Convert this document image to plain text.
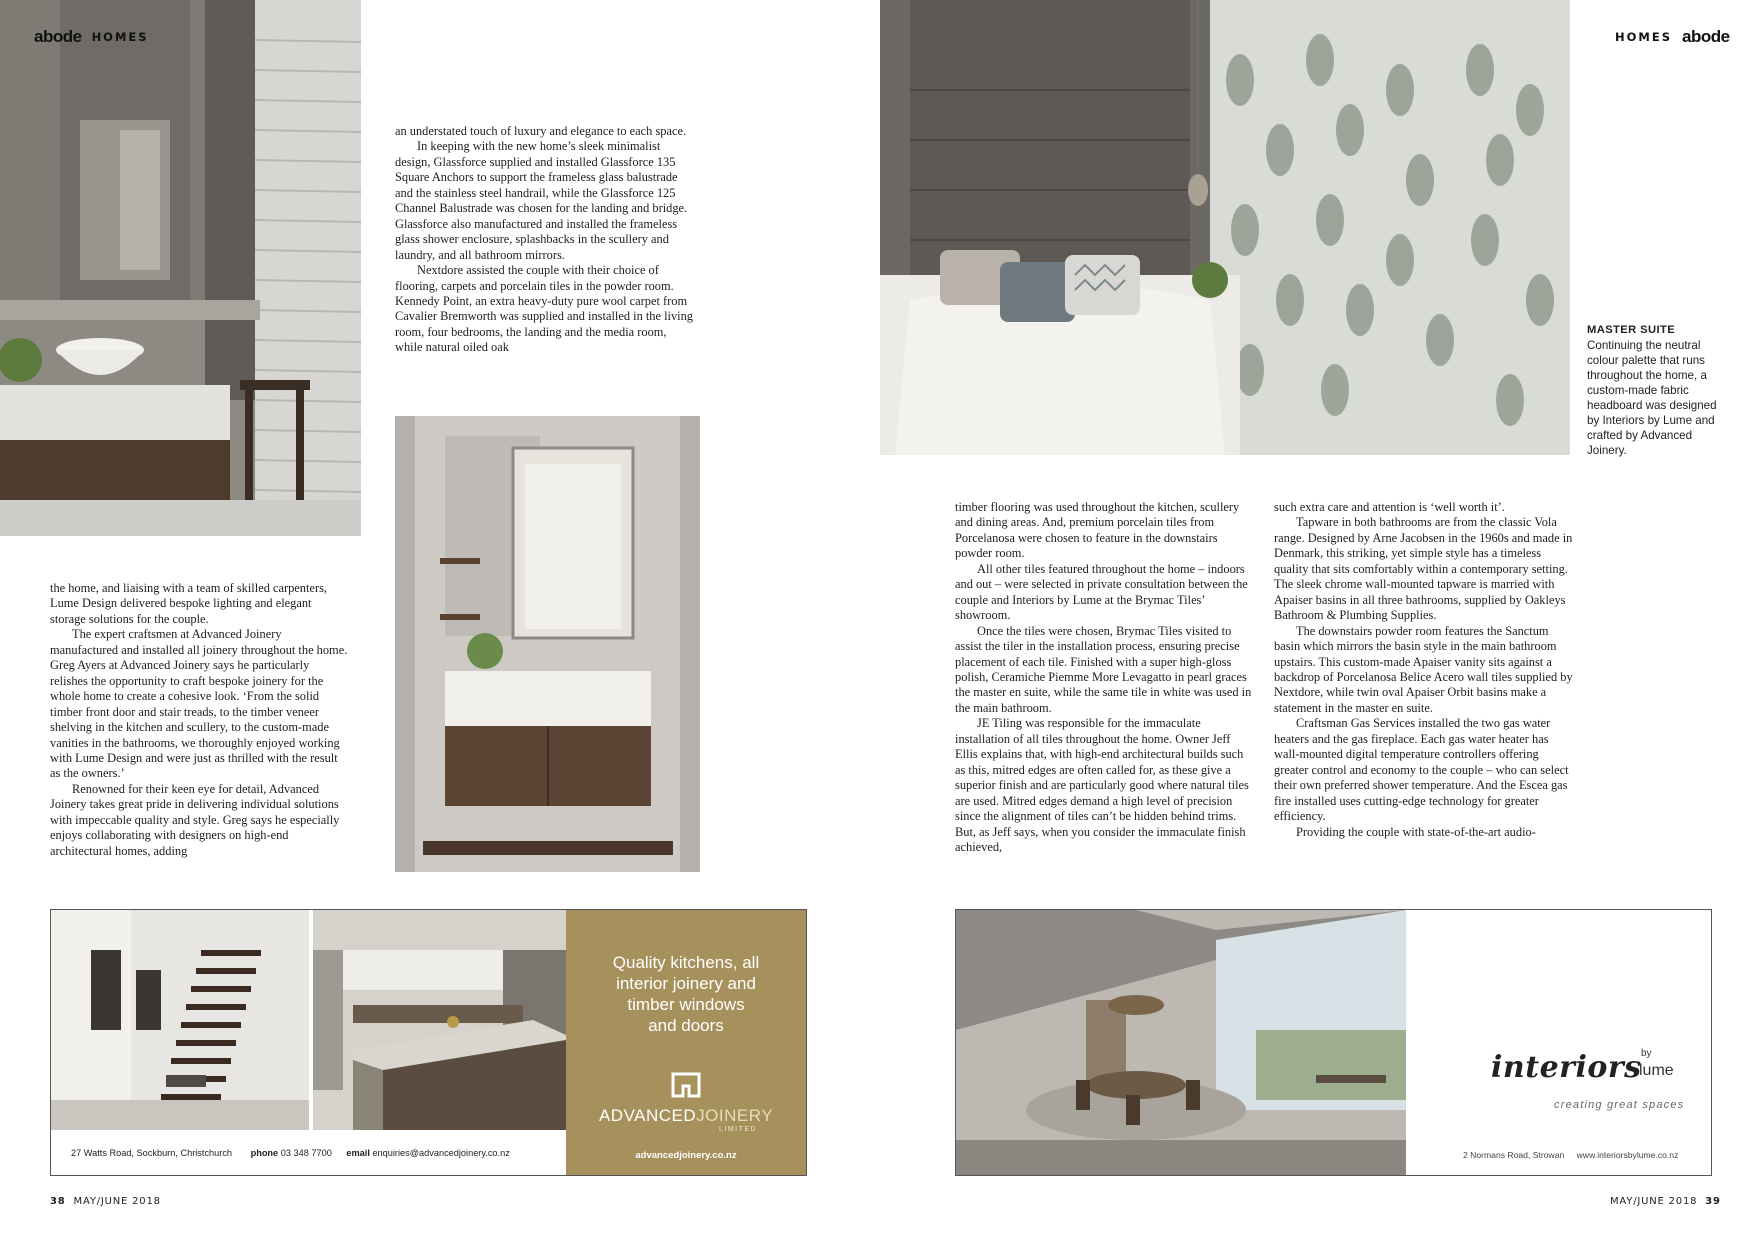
abode HOMES

an understated touch of luxury and elegance to each space.

In keeping with the new home’s sleek minimalist design, Glassforce supplied and installed Glassforce 135 Square Anchors to support the frameless glass balustrade and the stainless steel handrail, while the Glassforce 125 Channel Balustrade was chosen for the landing and bridge. Glassforce also manufactured and installed the frameless glass shower enclosure, splashbacks in the scullery and laundry, and all bathroom mirrors.

Nextdore assisted the couple with their choice of flooring, carpets and porcelain tiles in the powder room. Kennedy Point, an extra heavy-duty pure wool carpet from Cavalier Bremworth was supplied and installed in the living room, four bedrooms, the landing and the media room, while natural oiled oak

the home, and liaising with a team of skilled carpenters, Lume Design delivered bespoke lighting and elegant storage solutions for the couple.

The expert craftsmen at Advanced Joinery manufactured and installed all joinery throughout the home. Greg Ayers at Advanced Joinery says he particularly relishes the opportunity to craft bespoke joinery for the whole home to create a cohesive look. ‘From the solid timber front door and stair treads, to the timber veneer shelving in the kitchen and scullery, to the custom-made vanities in the bathrooms, we thoroughly enjoyed working with Lume Design and were just as thrilled with the result as the owners.’

Renowned for their keen eye for detail, Advanced Joinery takes great pride in delivering individual solutions with impeccable quality and style. Greg says he especially enjoys collaborating with designers on high-end architectural homes, adding

Quality kitchens, all interior joinery and timber windows and doors
ADVANCEDJOINERY
LIMITED
advancedjoinery.co.nz
27 Watts Road, Sockburn, Christchurch phone 03 348 7700 email enquiries@advancedjoinery.co.nz
38 MAY/JUNE 2018
HOMES abode
MASTER SUITE
Continuing the neutral colour palette that runs throughout the home, a custom-made fabric headboard was designed by Interiors by Lume and crafted by Advanced Joinery.

timber flooring was used throughout the kitchen, scullery and dining areas. And, premium porcelain tiles from Porcelanosa were chosen to feature in the downstairs powder room.

All other tiles featured throughout the home – indoors and out – were selected in private consultation between the couple and Interiors by Lume at the Brymac Tiles’ showroom.

Once the tiles were chosen, Brymac Tiles visited to assist the tiler in the installation process, ensuring precise placement of each tile. Finished with a super high-gloss polish, Ceramiche Piemme More Levagatto in pearl graces the master en suite, while the same tile in white was used in the main bathroom.

JE Tiling was responsible for the immaculate installation of all tiles throughout the home. Owner Jeff Ellis explains that, with high-end architectural builds such as this, mitred edges are often called for, as these give a superior finish and are particularly good where natural tiles are used. Mitred edges demand a high level of precision since the alignment of tiles can’t be hidden behind trims. But, as Jeff says, when you consider the immaculate finish achieved,

such extra care and attention is ‘well worth it’.

Tapware in both bathrooms are from the classic Vola range. Designed by Arne Jacobsen in the 1960s and made in Denmark, this striking, yet simple style has a timeless quality that sits comfortably within a contemporary setting. The sleek chrome wall-mounted tapware is married with Apaiser basins in all three bathrooms, supplied by Oakleys Bathroom & Plumbing Supplies.

The downstairs powder room features the Sanctum basin which mirrors the basin style in the main bathroom upstairs. This custom-made Apaiser vanity sits against a backdrop of Porcelanosa Belice Acero wall tiles supplied by Nextdore, while twin oval Apaiser Orbit basins make a statement in the master en suite.

Craftsman Gas Services installed the two gas water heaters and the gas fireplace. Each gas water heater has wall-mounted digital temperature controllers offering greater control and economy to the couple – who can select their own preferred shower temperature. And the Escea gas fire installed uses cutting-edge technology for greater efficiency.

Providing the couple with state-of-the-art audio-

interiors by
lume
creating great spaces
2 Normans Road, Strowan www.interiorsbylume.co.nz
MAY/JUNE 2018 39
